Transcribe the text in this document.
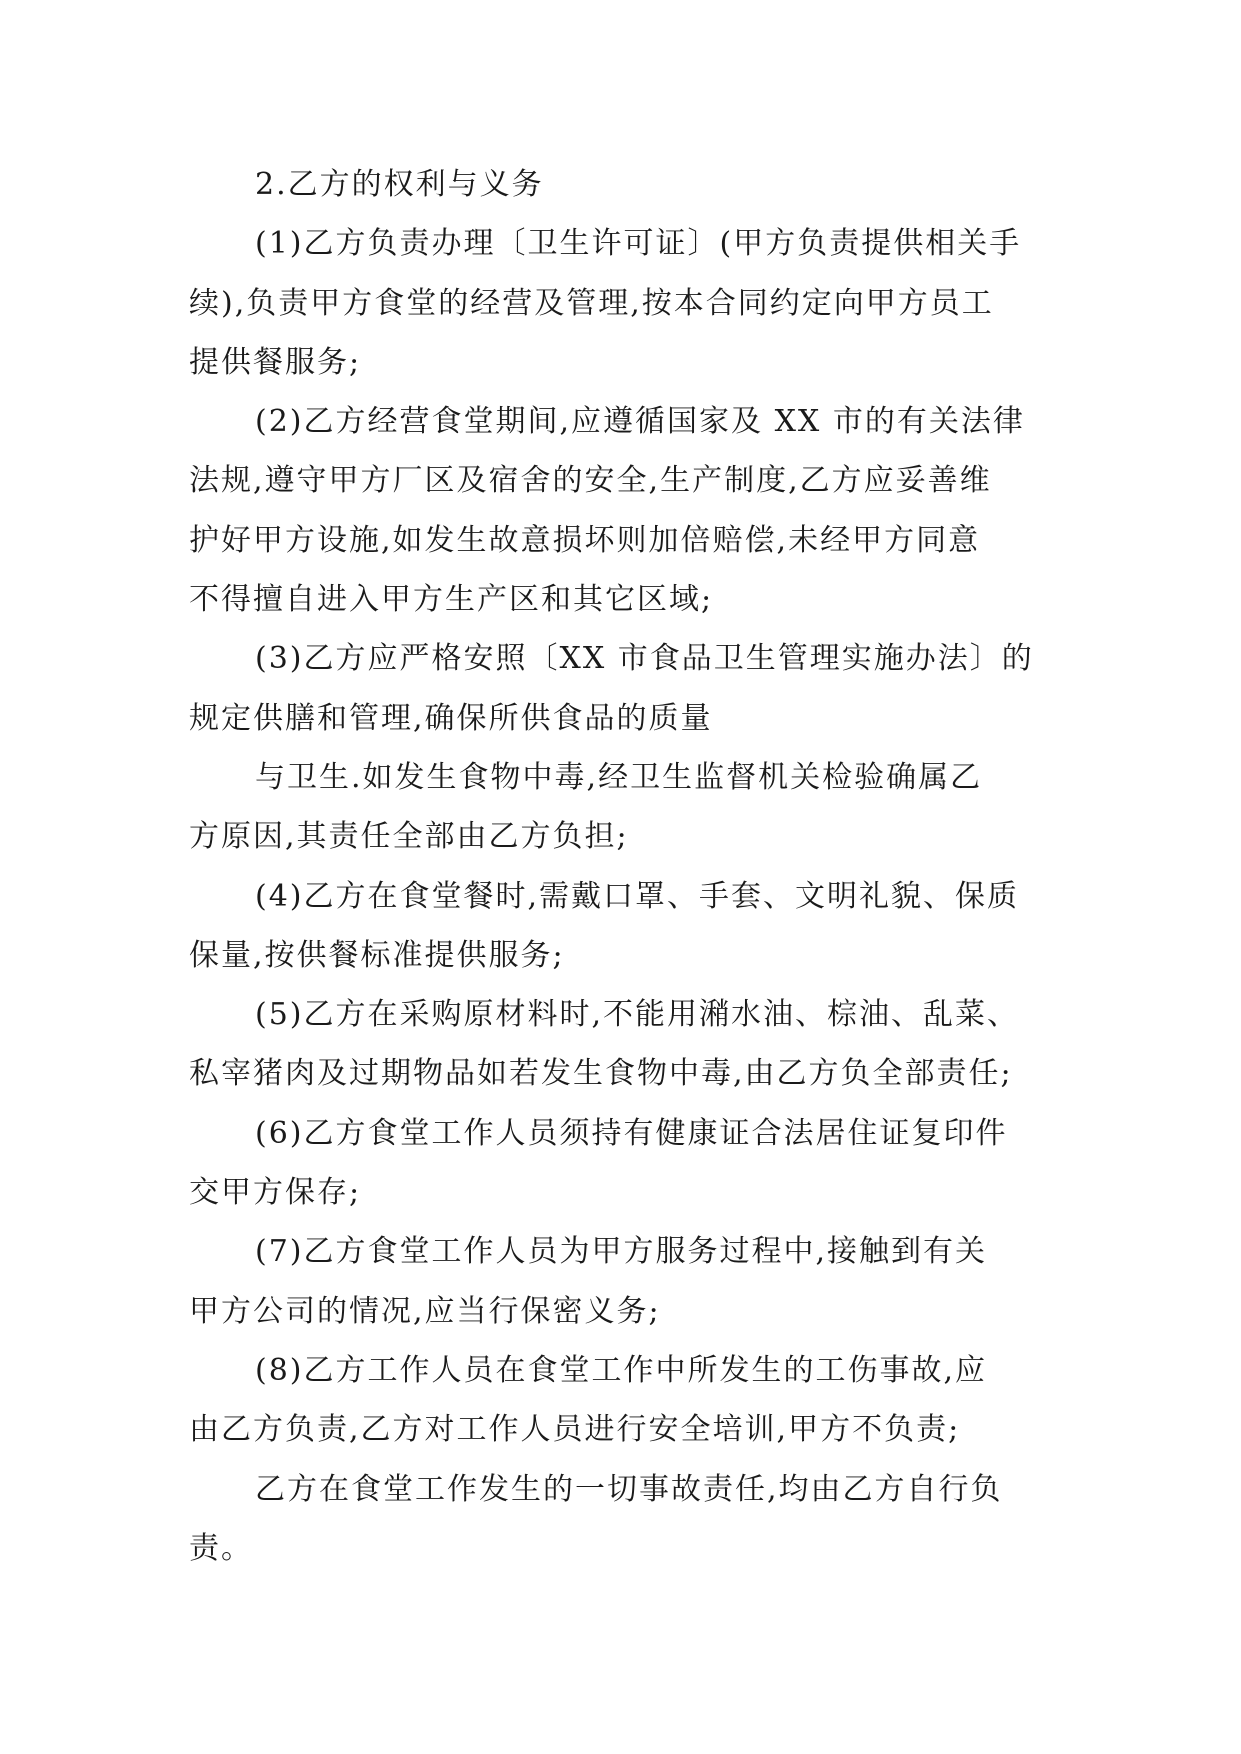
2.乙方的权利与义务
(1)乙方负责办理〔卫生许可证〕(甲方负责提供相关手
续),负责甲方食堂的经营及管理,按本合同约定向甲方员工
提供餐服务;
(2)乙方经营食堂期间,应遵循国家及 XX 市的有关法律
法规,遵守甲方厂区及宿舍的安全,生产制度,乙方应妥善维
护好甲方设施,如发生故意损坏则加倍赔偿,未经甲方同意
不得擅自进入甲方生产区和其它区域;
(3)乙方应严格安照〔XX 市食品卫生管理实施办法〕的
规定供膳和管理,确保所供食品的质量
与卫生.如发生食物中毒,经卫生监督机关检验确属乙
方原因,其责任全部由乙方负担;
(4)乙方在食堂餐时,需戴口罩、手套、文明礼貌、保质
保量,按供餐标准提供服务;
(5)乙方在采购原材料时,不能用潲水油、棕油、乱菜、
私宰猪肉及过期物品如若发生食物中毒,由乙方负全部责任;
(6)乙方食堂工作人员须持有健康证合法居住证复印件
交甲方保存;
(7)乙方食堂工作人员为甲方服务过程中,接触到有关
甲方公司的情况,应当行保密义务;
(8)乙方工作人员在食堂工作中所发生的工伤事故,应
由乙方负责,乙方对工作人员进行安全培训,甲方不负责;
乙方在食堂工作发生的一切事故责任,均由乙方自行负
责。
